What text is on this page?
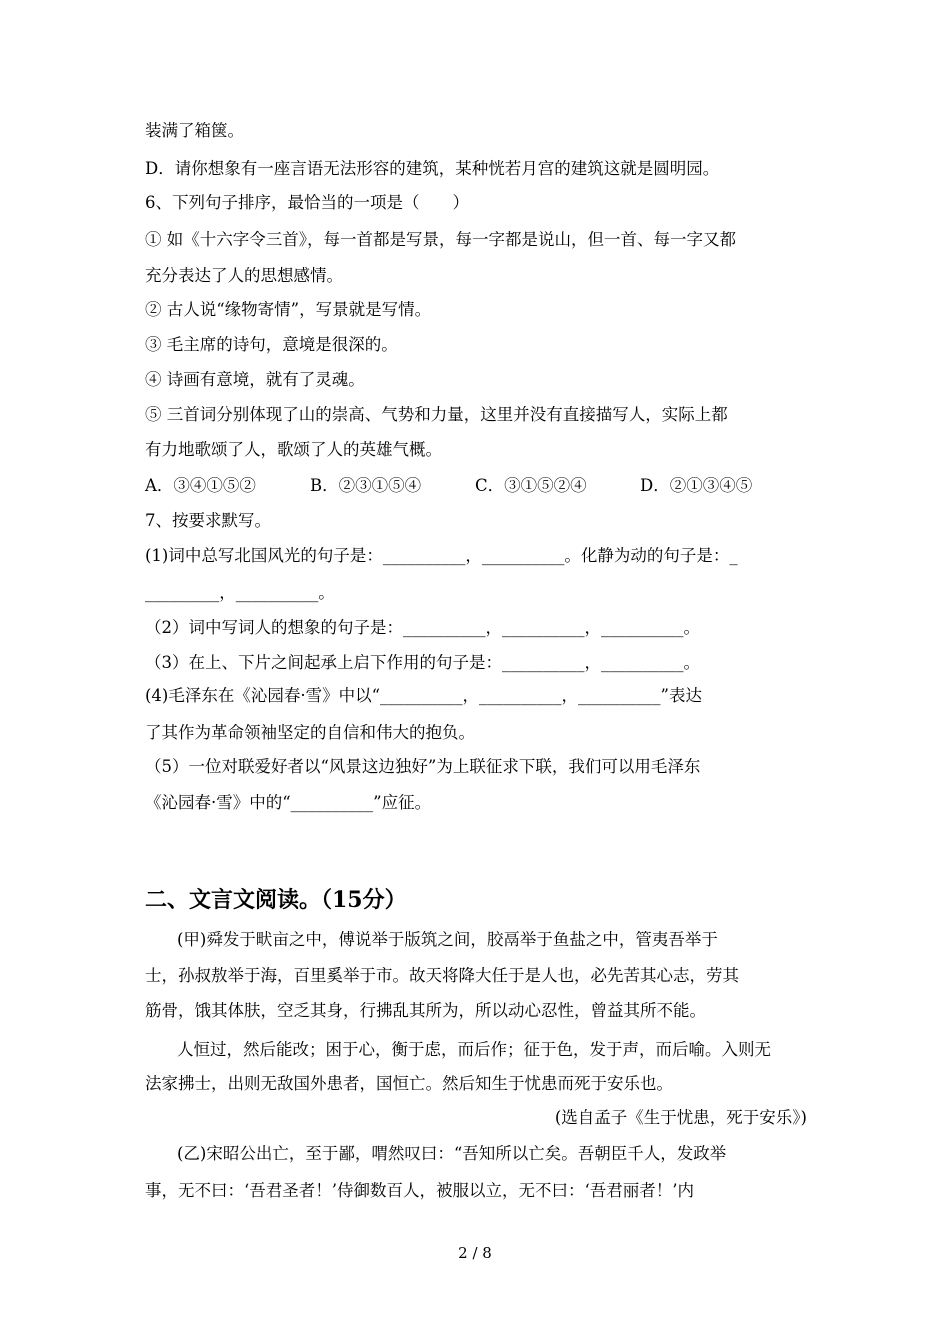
装满了箱箧。
D．请你想象有一座言语无法形容的建筑，某种恍若月宫的建筑这就是圆明园。
6、下列句子排序，最恰当的一项是（　　）
① 如《十六字令三首》，每一首都是写景，每一字都是说山，但一首、每一字又都
充分表达了人的思想感情。
② 古人说“缘物寄情”，写景就是写情。
③ 毛主席的诗句，意境是很深的。
④ 诗画有意境，就有了灵魂。
⑤ 三首词分别体现了山的崇高、气势和力量，这里并没有直接描写人，实际上都
有力地歌颂了人，歌颂了人的英雄气概。
A．③④①⑤②	B．②③①⑤④	C．③①⑤②④	D．②①③④⑤
7、按要求默写。
(1)词中总写北国风光的句子是：__________，__________。化静为动的句子是：_
_________，__________。
（2）词中写词人的想象的句子是：__________，__________，__________。
（3）在上、下片之间起承上启下作用的句子是：__________，__________。
(4)毛泽东在《沁园春·雪》中以“__________，__________，__________”表达
了其作为革命领袖坚定的自信和伟大的抱负。
（5）一位对联爱好者以“风景这边独好”为上联征求下联，我们可以用毛泽东
《沁园春·雪》中的“__________”应征。
二、文言文阅读。（15分）
(甲)舜发于畎亩之中，傅说举于版筑之间，胶鬲举于鱼盐之中，管夷吾举于
士，孙叔敖举于海，百里奚举于市。故天将降大任于是人也，必先苦其心志，劳其
筋骨，饿其体肤，空乏其身，行拂乱其所为，所以动心忍性，曾益其所不能。
人恒过，然后能改；困于心，衡于虑，而后作；征于色，发于声，而后喻。入则无
法家拂士，出则无敌国外患者，国恒亡。然后知生于忧患而死于安乐也。
(选自孟子《生于忧患，死于安乐》)
(乙)宋昭公出亡，至于鄙，喟然叹曰：“吾知所以亡矣。吾朝臣千人，发政举
事，无不曰：‘吾君圣者！’侍御数百人，被服以立，无不曰：‘吾君丽者！’内
2 / 8
